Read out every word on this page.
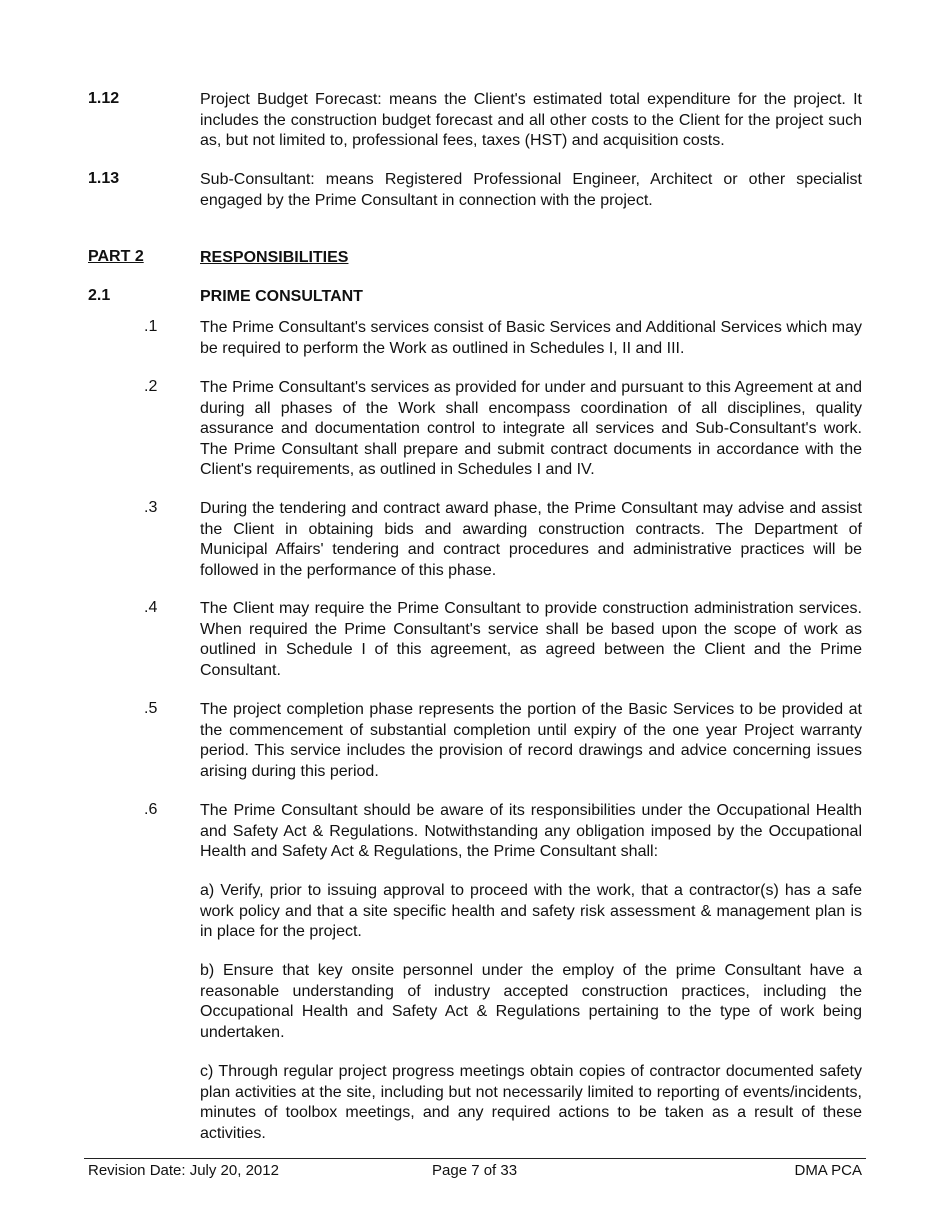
1.12	Project Budget Forecast: means the Client's estimated total expenditure for the project. It includes the construction budget forecast and all other costs to the Client for the project such as, but not limited to, professional fees, taxes (HST) and acquisition costs.
1.13	Sub-Consultant: means Registered Professional Engineer, Architect or other specialist engaged by the Prime Consultant in connection with the project.
PART 2	RESPONSIBILITIES
2.1	PRIME CONSULTANT
.1	The Prime Consultant's services consist of Basic Services and Additional Services which may be required to perform the Work as outlined in Schedules I, II and III.
.2	The Prime Consultant's services as provided for under and pursuant to this Agreement at and during all phases of the Work shall encompass coordination of all disciplines, quality assurance and documentation control to integrate all services and Sub-Consultant's work. The Prime Consultant shall prepare and submit contract documents in accordance with the Client's requirements, as outlined in Schedules I and IV.
.3	During the tendering and contract award phase, the Prime Consultant may advise and assist the Client in obtaining bids and awarding construction contracts. The Department of Municipal Affairs' tendering and contract procedures and administrative practices will be followed in the performance of this phase.
.4	The Client may require the Prime Consultant to provide construction administration services. When required the Prime Consultant's service shall be based upon the scope of work as outlined in Schedule I of this agreement, as agreed between the Client and the Prime Consultant.
.5	The project completion phase represents the portion of the Basic Services to be provided at the commencement of substantial completion until expiry of the one year Project warranty period. This service includes the provision of record drawings and advice concerning issues arising during this period.
.6	The Prime Consultant should be aware of its responsibilities under the Occupational Health and Safety Act & Regulations. Notwithstanding any obligation imposed by the Occupational Health and Safety Act & Regulations, the Prime Consultant shall:
a) Verify, prior to issuing approval to proceed with the work, that a contractor(s) has a safe work policy and that a site specific health and safety risk assessment & management plan is in place for the project.
b) Ensure that key onsite personnel under the employ of the prime Consultant have a reasonable understanding of industry accepted construction practices, including the Occupational Health and Safety Act & Regulations pertaining to the type of work being undertaken.
c) Through regular project progress meetings obtain copies of contractor documented safety plan activities at the site, including but not necessarily limited to reporting of events/incidents, minutes of toolbox meetings, and any required actions to be taken as a result of these activities.
Revision Date: July 20, 2012	Page 7 of 33	DMA PCA
